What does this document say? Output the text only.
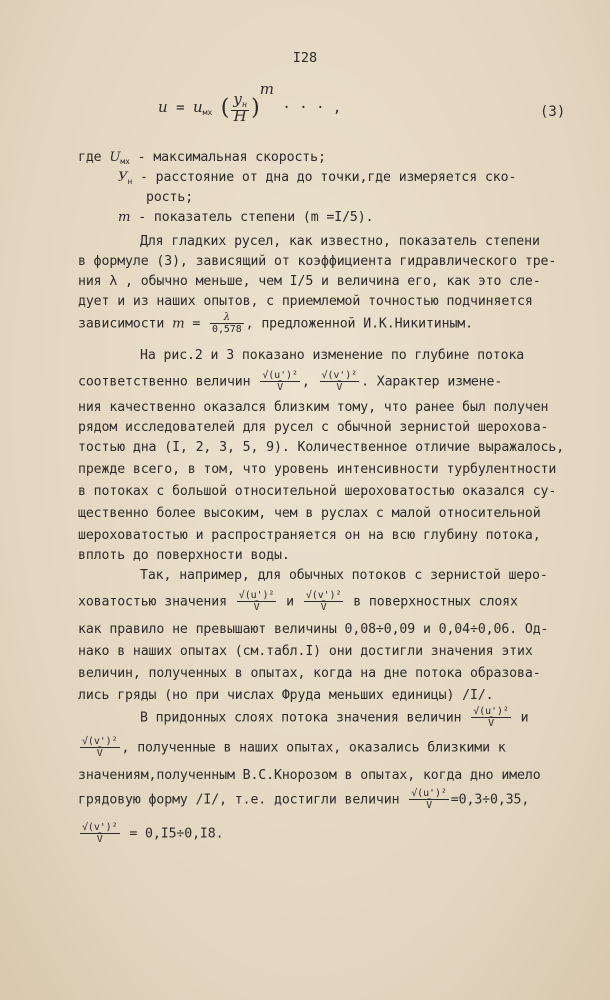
I28
$u = u_{мх}$ ( $\frac{y_н}{H} )m$ · · · ,	(3)
где $U_{мх}$ - максимальная скорость;
$У_н$ - расстояние от дна до точки,где измеряется ско-
рость;
m - показатель степени (m =I/5).
Для гладких русел, как известно, показатель степени
в формуле (3), зависящий от коэффициента гидравлического тре-
ния λ , обычно меньше, чем I/5 и величина его, как это сле-
дует и из наших опытов, с приемлемой точностью подчиняется
зависимости $m = \frac{\lambda}{0,578}$ , предложенной И.К.Никитиным.
На рис.2 и 3 показано изменение по глубине потока
соответственно величин $\frac{\text{√(u')²}}{V̄}$ , $\frac{\text{√(v')²}}{V̄}$ . Характер измене-
ния качественно оказался близким тому, что ранее был получен
рядом исследователей для русел с обычной зернистой шерохова-
тостью дна (I, 2, 3, 5, 9). Количественное отличие выражалось,
прежде всего, в том, что уровень интенсивности турбулентности
в потоках с большой относительной шероховатостью оказался су-
щественно более высоким, чем в руслах с малой относительной
шероховатостью и распространяется он на всю глубину потока,
вплоть до поверхности воды.
Так, например, для обычных потоков с зернистой шеро-
ховатостью значения $\frac{\text{√(u')²}}{V̄}$ и $\frac{\text{√(v')²}}{V̄}$ в поверхностных слоях
как правило не превышают величины 0,08÷0,09 и 0,04÷0,06. Од-
нако в наших опытах (см.табл.I) они достигли значения этих
величин, полученных в опытах, когда на дне потока образова-
лись гряды (но при числах Фруда меньших единицы) /I/.
В придонных слоях потока значения величин $\frac{\text{√(u')²}}{V̄}$ и
$\frac{\text{√(v')²}}{V̄}$ , полученные в наших опытах, оказались близкими к
значениям,полученным В.С.Кнорозом в опытах, когда дно имело
грядовую форму /I/, т.е. достигли величин $\frac{\text{√(u')²}}{V̄} =0,3\div 0,35$,
$\frac{\text{√(v')²}}{V̄} = 0,I5\div 0,I8$.
